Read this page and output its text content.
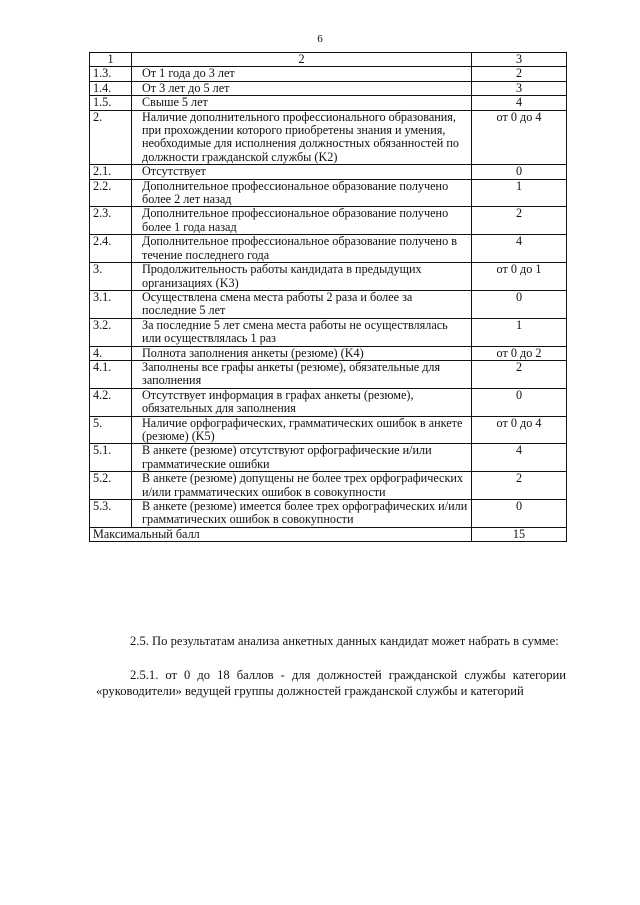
6
1	2	3
1.3.	От 1 года до 3 лет	2
1.4.	От 3 лет до 5 лет	3
1.5.	Свыше 5 лет	4
2.	Наличие дополнительного профессионального образования, при прохождении которого приобретены знания и умения, необходимые для исполнения должностных обязанностей по должности гражданской службы (K2)	от 0 до 4
2.1.	Отсутствует	0
2.2.	Дополнительное профессиональное образование получено более 2 лет назад	1
2.3.	Дополнительное профессиональное образование получено более 1 года назад	2
2.4.	Дополнительное профессиональное образование получено в течение последнего года	4
3.	Продолжительность работы кандидата в предыдущих организациях (K3)	от 0 до 1
3.1.	Осуществлена смена места работы 2 раза и более за последние 5 лет	0
3.2.	За последние 5 лет смена места работы не осуществлялась или осуществлялась 1 раз	1
4.	Полнота заполнения анкеты (резюме) (K4)	от 0 до 2
4.1.	Заполнены все графы анкеты (резюме), обязательные для заполнения	2
4.2.	Отсутствует информация в графах анкеты (резюме), обязательных для заполнения	0
5.	Наличие орфографических, грамматических ошибок в анкете (резюме) (K5)	от 0 до 4
5.1.	В анкете (резюме) отсутствуют орфографические и/или грамматические ошибки	4
5.2.	В анкете (резюме) допущены не более трех орфографических и/или грамматических ошибок в совокупности	2
5.3.	В анкете (резюме) имеется более трех орфографических и/или грамматических ошибок в совокупности	0
Максимальный балл		15
2.5. По результатам анализа анкетных данных кандидат может набрать в сумме:
2.5.1. от 0 до 18 баллов - для должностей гражданской службы категории «руководители» ведущей группы должностей гражданской службы и категорий
